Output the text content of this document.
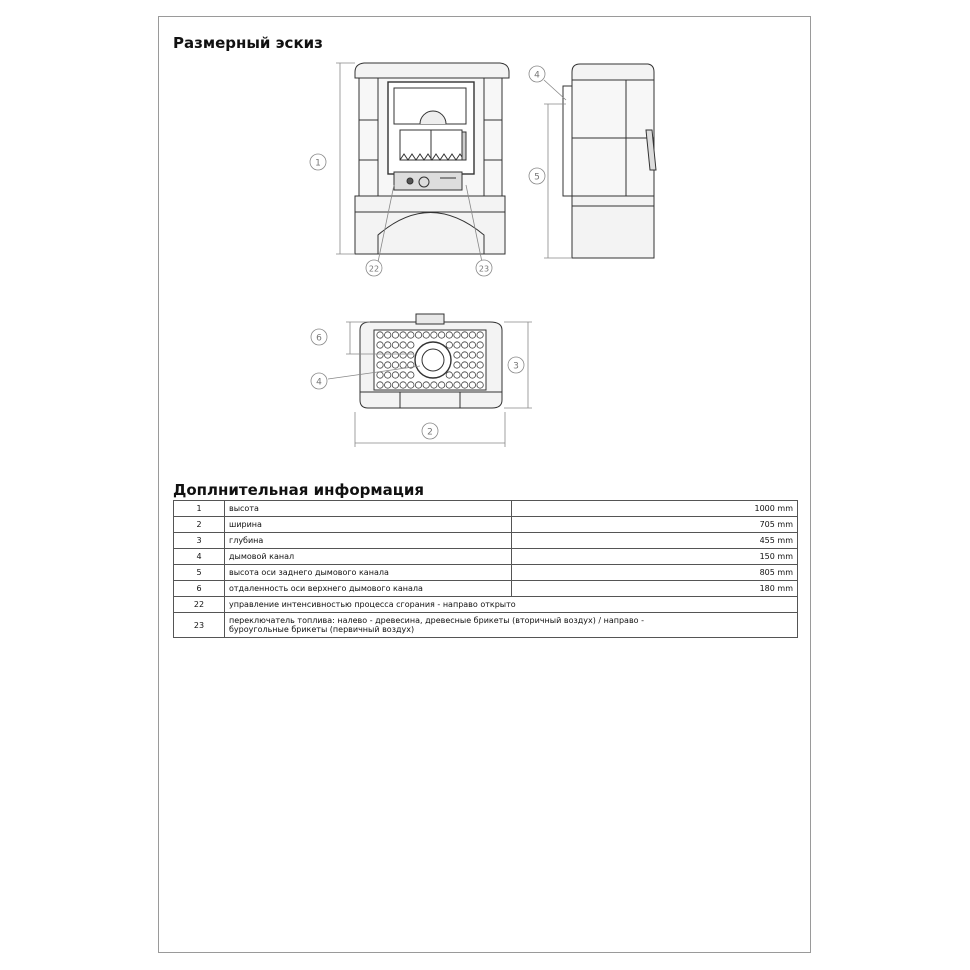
Размерный эскиз
1
4
5
22	23
6
3
4
2
Доплнительная информация
1	высота	1000 mm
2	ширина	705 mm
3	глубина	455 mm
4	дымовой канал	150 mm
5	высота оси заднего дымового канала	805 mm
6	отдаленность оси верхнего дымового канала	180 mm
22	управление интенсивностью процесса сгорания - направо открыто	
23	переключатель топлива: налево - древесина, древесные брикеты (вторичный воздух) / направо - буроугольные брикеты (первичный воздух)	
